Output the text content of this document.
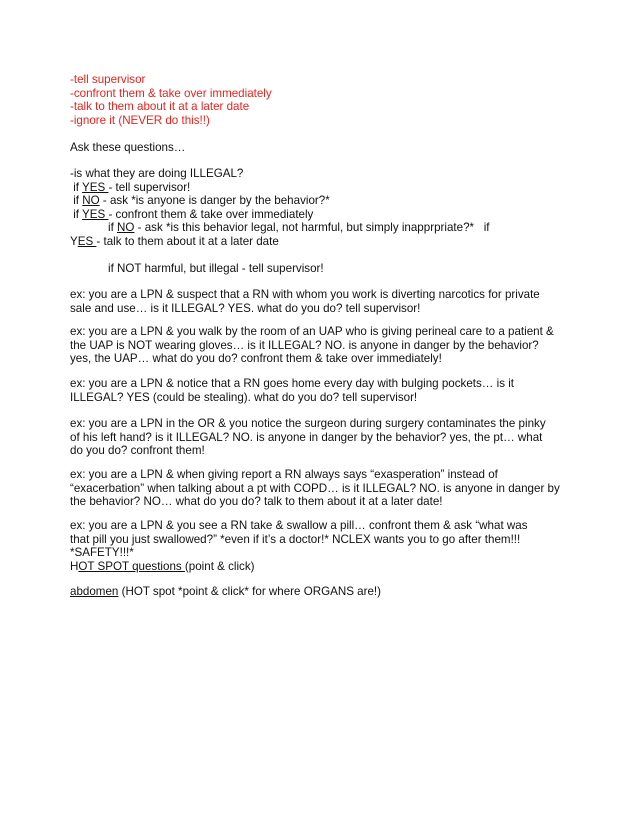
-tell supervisor
-confront them & take over immediately
-talk to them about it at a later date
-ignore it (NEVER do this!!)
Ask these questions…
-is what they are doing ILLEGAL?
if YES - tell supervisor!
if NO - ask *is anyone is danger by the behavior?*
if YES - confront them & take over immediately
if NO - ask *is this behavior legal, not harmful, but simply inapprpriate?*   if
YES - talk to them about it at a later date
if NOT harmful, but illegal - tell supervisor!
ex: you are a LPN & suspect that a RN with whom you work is diverting narcotics for private
sale and use… is it ILLEGAL? YES. what do you do? tell supervisor!
ex: you are a LPN & you walk by the room of an UAP who is giving perineal care to a patient &
the UAP is NOT wearing gloves… is it ILLEGAL? NO. is anyone in danger by the behavior?
yes, the UAP… what do you do? confront them & take over immediately!
ex: you are a LPN & notice that a RN goes home every day with bulging pockets… is it
ILLEGAL? YES (could be stealing). what do you do? tell supervisor!
ex: you are a LPN in the OR & you notice the surgeon during surgery contaminates the pinky
of his left hand? is it ILLEGAL? NO. is anyone in danger by the behavior? yes, the pt… what
do you do? confront them!
ex: you are a LPN & when giving report a RN always says “exasperation” instead of
“exacerbation” when talking about a pt with COPD… is it ILLEGAL? NO. is anyone in danger by
the behavior? NO… what do you do? talk to them about it at a later date!
ex: you are a LPN & you see a RN take & swallow a pill… confront them & ask “what was
that pill you just swallowed?” *even if it’s a doctor!* NCLEX wants you to go after them!!!
*SAFETY!!!*
HOT SPOT questions (point & click)
abdomen (HOT spot *point & click* for where ORGANS are!)
